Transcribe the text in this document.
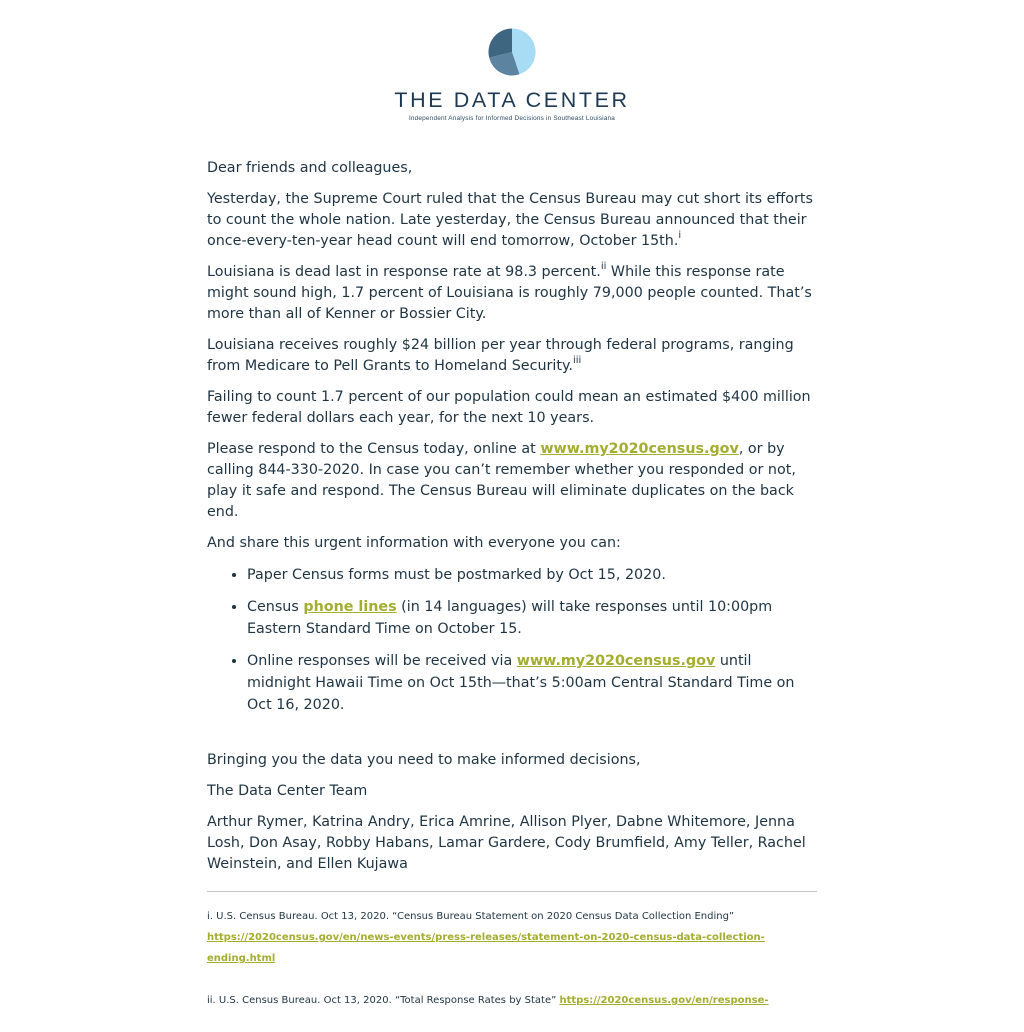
THE DATA CENTER
Independent Analysis for Informed Decisions in Southeast Louisiana

Dear friends and colleagues,

Yesterday, the Supreme Court ruled that the Census Bureau may cut short its efforts to count the whole nation. Late yesterday, the Census Bureau announced that their once-every-ten-year head count will end tomorrow, October 15th.$^i$

Louisiana is dead last in response rate at 98.3 percent.$^{ii}$ While this response rate might sound high, 1.7 percent of Louisiana is roughly 79,000 people counted. That’s more than all of Kenner or Bossier City.

Louisiana receives roughly $24 billion per year through federal programs, ranging from Medicare to Pell Grants to Homeland Security.$^{iii}$

Failing to count 1.7 percent of our population could mean an estimated $400 million fewer federal dollars each year, for the next 10 years.

Please respond to the Census today, online at www.my2020census.gov, or by calling 844-330-2020. In case you can’t remember whether you responded or not, play it safe and respond. The Census Bureau will eliminate duplicates on the back end.

And share this urgent information with everyone you can:

• Paper Census forms must be postmarked by Oct 15, 2020.
• Census phone lines (in 14 languages) will take responses until 10:00pm Eastern Standard Time on October 15.
• Online responses will be received via www.my2020census.gov until midnight Hawaii Time on Oct 15th—that’s 5:00am Central Standard Time on Oct 16, 2020.

Bringing you the data you need to make informed decisions,

The Data Center Team

Arthur Rymer, Katrina Andry, Erica Amrine, Allison Plyer, Dabne Whitemore, Jenna Losh, Don Asay, Robby Habans, Lamar Gardere, Cody Brumfield, Amy Teller, Rachel Weinstein, and Ellen Kujawa

i. U.S. Census Bureau. Oct 13, 2020. “Census Bureau Statement on 2020 Census Data Collection Ending” https://2020census.gov/en/news-events/press-releases/statement-on-2020-census-data-collection-ending.html

ii. U.S. Census Bureau. Oct 13, 2020. “Total Response Rates by State” https://2020census.gov/en/response-
